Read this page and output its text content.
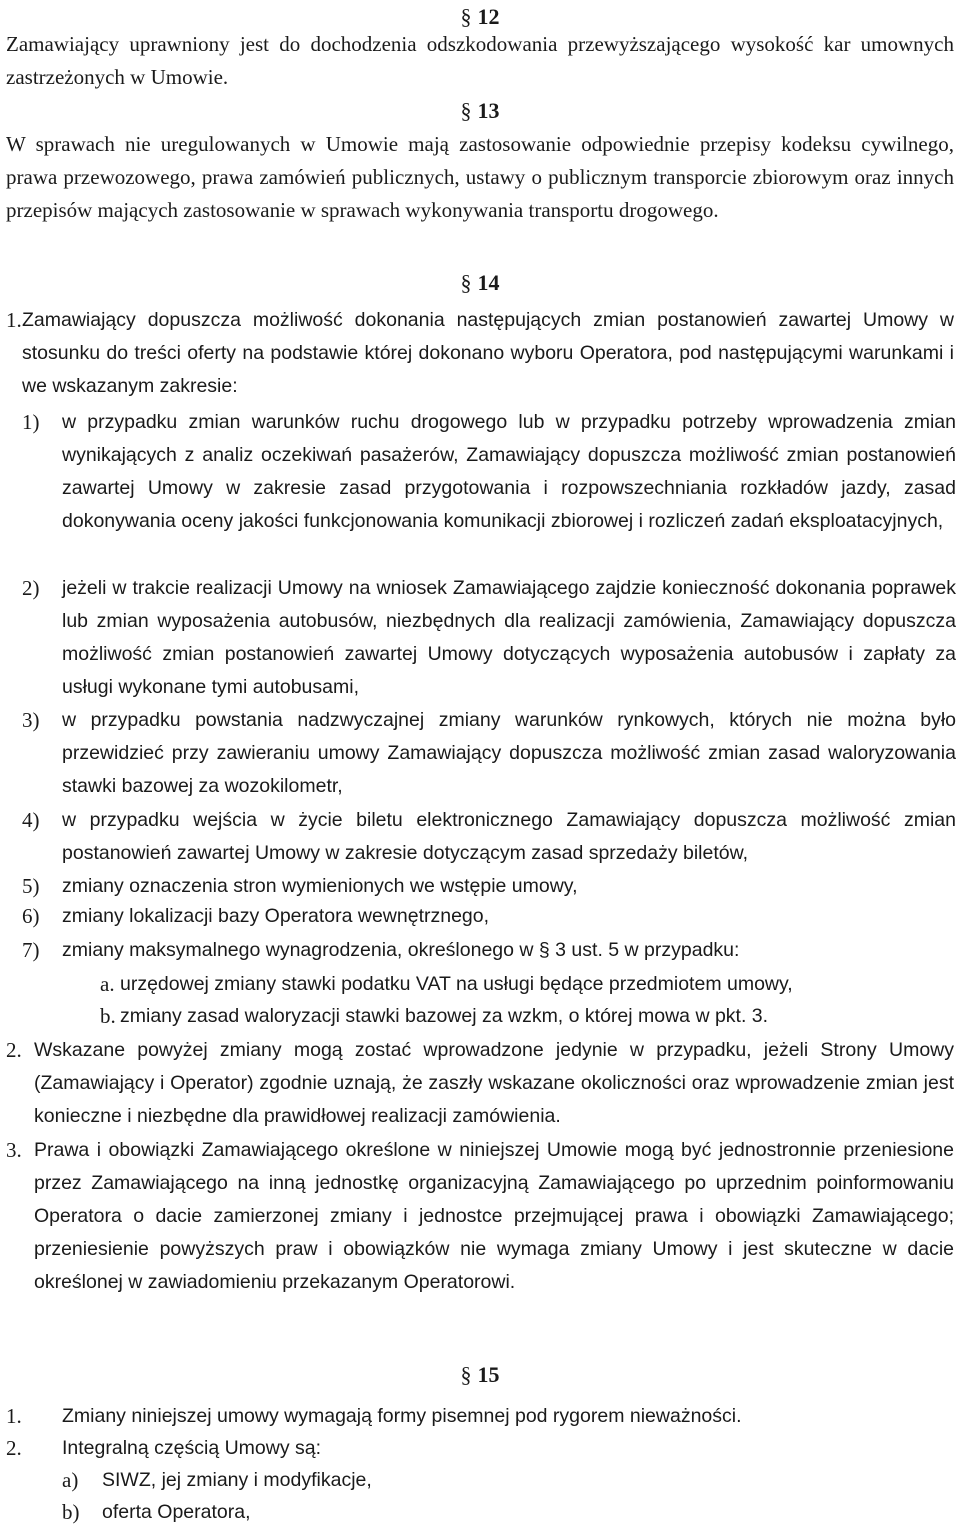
§ 12
Zamawiający uprawniony jest do dochodzenia odszkodowania przewyższającego wysokość kar umownych zastrzeżonych w Umowie.
§ 13
W sprawach nie uregulowanych w Umowie mają zastosowanie odpowiednie przepisy kodeksu cywilnego, prawa przewozowego, prawa zamówień publicznych, ustawy o publicznym transporcie zbiorowym oraz innych przepisów mających zastosowanie w sprawach wykonywania transportu drogowego.
§ 14
1. Zamawiający dopuszcza możliwość dokonania następujących zmian postanowień zawartej Umowy w stosunku do treści oferty na podstawie której dokonano wyboru Operatora, pod następującymi warunkami i we wskazanym zakresie:
1)	w przypadku zmian warunków ruchu drogowego lub w przypadku potrzeby wprowadzenia zmian wynikających z analiz oczekiwań pasażerów, Zamawiający dopuszcza możliwość zmian postanowień zawartej Umowy w zakresie zasad przygotowania i rozpowszechniania rozkładów jazdy, zasad dokonywania oceny jakości funkcjonowania komunikacji zbiorowej i rozliczeń zadań eksploatacyjnych,
2)	jeżeli w trakcie realizacji Umowy na wniosek Zamawiającego zajdzie konieczność dokonania poprawek lub zmian wyposażenia autobusów, niezbędnych dla realizacji zamówienia, Zamawiający dopuszcza możliwość zmian postanowień zawartej Umowy dotyczących wyposażenia autobusów i zapłaty za usługi wykonane tymi autobusami,
3)	w przypadku powstania nadzwyczajnej zmiany warunków rynkowych, których nie można było przewidzieć przy zawieraniu umowy Zamawiający dopuszcza możliwość zmian zasad waloryzowania stawki bazowej za wozokilometr,
4)	w przypadku wejścia w życie biletu elektronicznego Zamawiający dopuszcza możliwość zmian postanowień zawartej Umowy w zakresie dotyczącym zasad sprzedaży biletów,
5)	zmiany oznaczenia stron wymienionych we wstępie umowy,
6)	zmiany lokalizacji bazy Operatora wewnętrznego,
7)	zmiany maksymalnego wynagrodzenia, określonego w § 3 ust. 5 w przypadku:
a. urzędowej zmiany stawki podatku VAT na usługi będące przedmiotem umowy,
b. zmiany zasad waloryzacji stawki bazowej za wzkm, o której mowa w pkt. 3.
2. Wskazane powyżej zmiany mogą zostać wprowadzone jedynie w przypadku, jeżeli Strony Umowy (Zamawiający i Operator) zgodnie uznają, że zaszły wskazane okoliczności oraz wprowadzenie zmian jest konieczne i niezbędne dla prawidłowej realizacji zamówienia.
3. Prawa i obowiązki Zamawiającego określone w niniejszej Umowie mogą być jednostronnie przeniesione przez Zamawiającego na inną jednostkę organizacyjną Zamawiającego po uprzednim poinformowaniu Operatora o dacie zamierzonej zmiany i jednostce przejmującej prawa i obowiązki Zamawiającego; przeniesienie powyższych praw i obowiązków nie wymaga zmiany Umowy i jest skuteczne w dacie określonej w zawiadomieniu przekazanym Operatorowi.
§ 15
1.	Zmiany niniejszej umowy wymagają formy pisemnej pod rygorem nieważności.
2.	Integralną częścią Umowy są:
a)	SIWZ, jej zmiany i modyfikacje,
b)	oferta Operatora,
